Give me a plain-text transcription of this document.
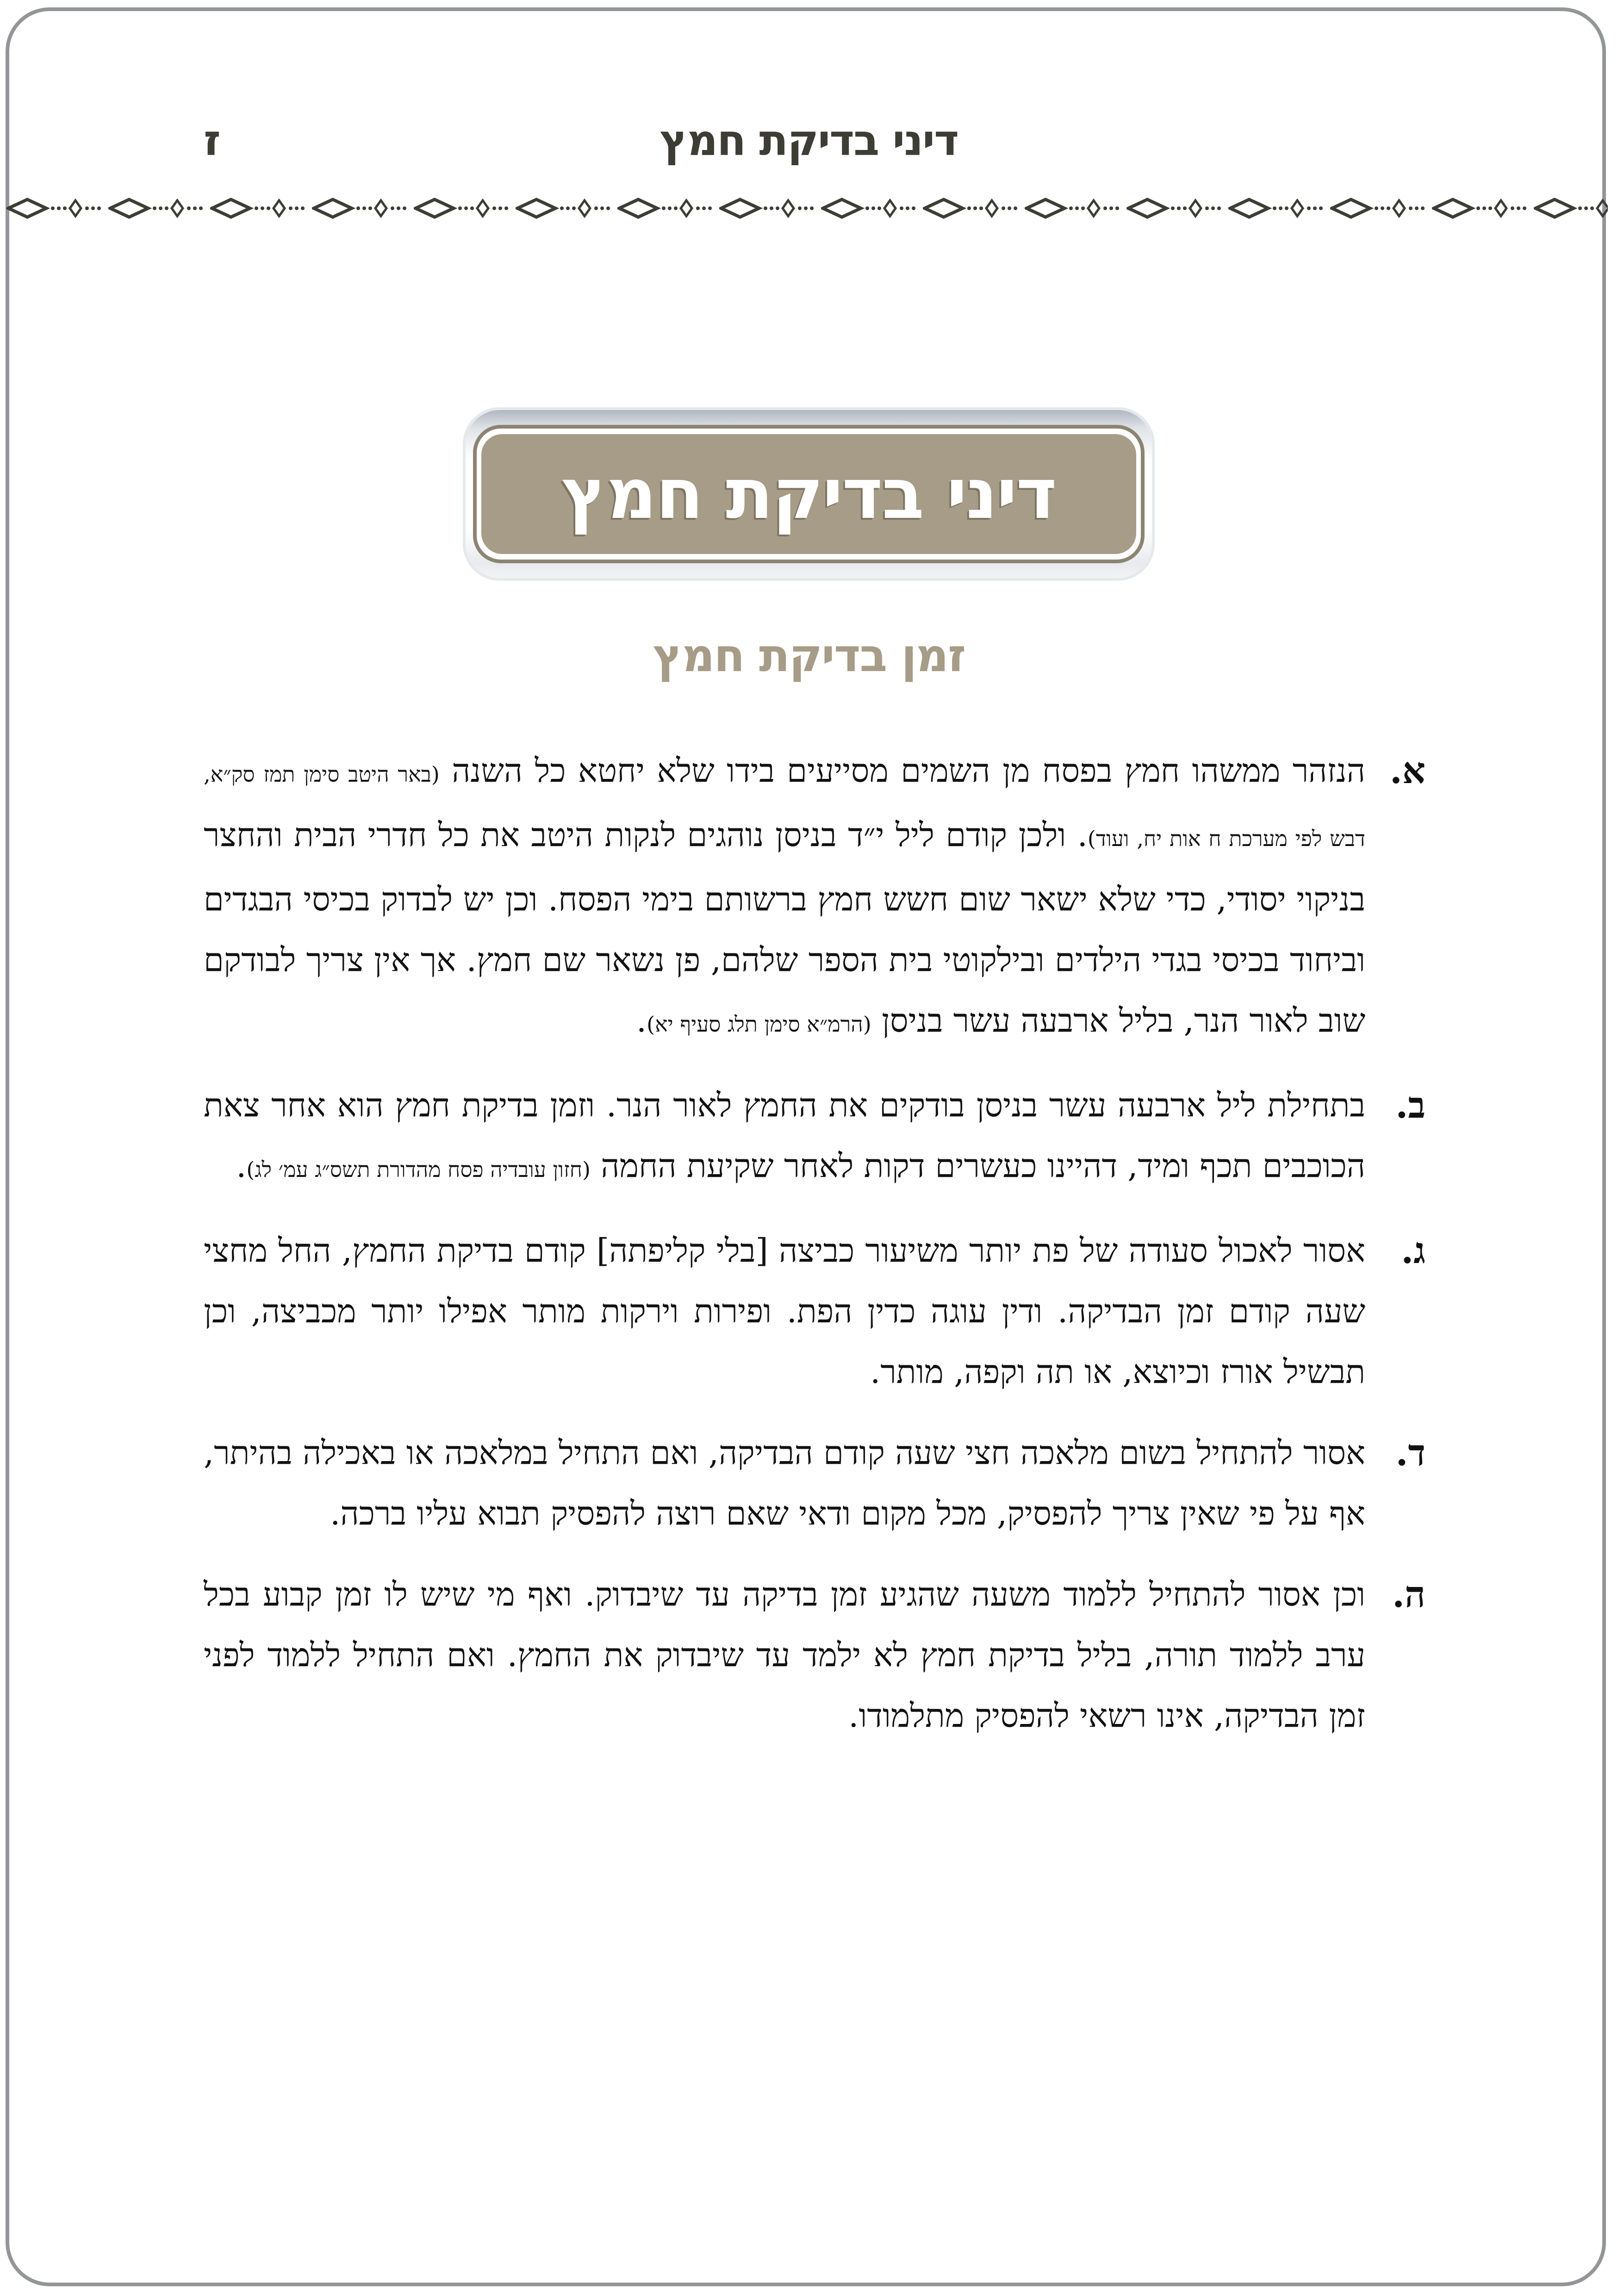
דיני בדיקת חמץ
ז
דיני בדיקת חמץ
זמן בדיקת חמץ
א.
הנזהר ממשהו חמץ בפסח מן השמים מסייעים בידו שלא יחטא כל השנה (באר היטב סימן תמז סק״א, דבש לפי מערכת ח אות יח, ועוד). ולכן קודם ליל י״ד בניסן נוהגים לנקות היטב את כל חדרי הבית והחצר בניקוי יסודי, כדי שלא ישאר שום חשש חמץ ברשותם בימי הפסח. וכן יש לבדוק בכיסי הבגדים וביחוד בכיסי בגדי הילדים ובילקוטי בית הספר שלהם, פן נשאר שם חמץ. אך אין צריך לבודקם שוב לאור הנר, בליל ארבעה עשר בניסן (הרמ״א סימן תלג סעיף יא).
ב.
בתחילת ליל ארבעה עשר בניסן בודקים את החמץ לאור הנר. וזמן בדיקת חמץ הוא אחר צאת הכוכבים תכף ומיד, דהיינו כעשרים דקות לאחר שקיעת החמה (חזון עובדיה פסח מהדורת תשס״ג עמ׳ לג).
ג.
אסור לאכול סעודה של פת יותר משיעור כביצה [בלי קליפתה] קודם בדיקת החמץ, החל מחצי שעה קודם זמן הבדיקה. ודין עוגה כדין הפת. ופירות וירקות מותר אפילו יותר מכביצה, וכן תבשיל אורז וכיוצא, או תה וקפה, מותר.
ד.
אסור להתחיל בשום מלאכה חצי שעה קודם הבדיקה, ואם התחיל במלאכה או באכילה בהיתר, אף על פי שאין צריך להפסיק, מכל מקום ודאי שאם רוצה להפסיק תבוא עליו ברכה.
ה.
וכן אסור להתחיל ללמוד משעה שהגיע זמן בדיקה עד שיבדוק. ואף מי שיש לו זמן קבוע בכל ערב ללמוד תורה, בליל בדיקת חמץ לא ילמד עד שיבדוק את החמץ. ואם התחיל ללמוד לפני זמן הבדיקה, אינו רשאי להפסיק מתלמודו.
